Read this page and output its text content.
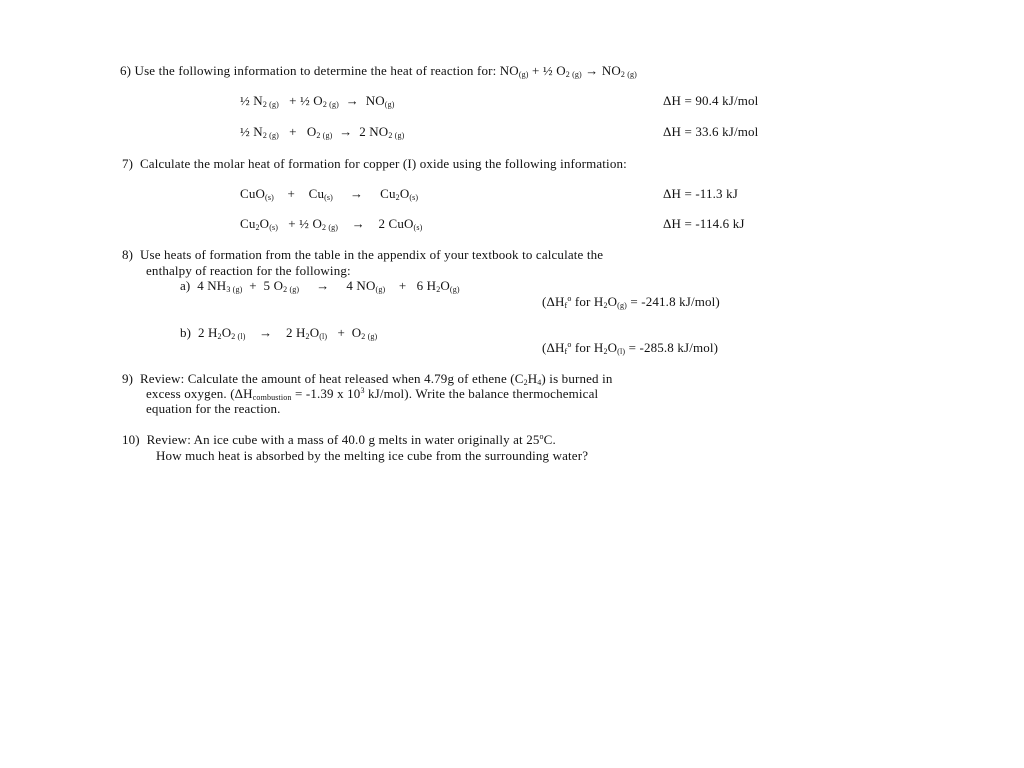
6) Use the following information to determine the heat of reaction for: $NO_{(g)}$ + ½ $O_{2 (g)} \to NO_{2 (g)}$
½ $N_{2 (g)}$ + ½ $O_{2 (g)} \to NO_{(g)}$	ΔH = 90.4 kJ/mol
½ $N_{2 (g)} + O_{2 (g)} \to 2$ $NO_{2 (g)}$	ΔH = 33.6 kJ/mol
7) Calculate the molar heat of formation for copper (I) oxide using the following information:
$CuO_{(s)} + Cu_{(s)} \to Cu_2O_{(s)}$	ΔH = -11.3 kJ
$Cu_2O_{(s)}$ + ½ $O_{2 (g)} \to 2$ CuO$_{(s)}$	ΔH = -114.6 kJ
8) Use heats of formation from the table in the appendix of your textbook to calculate the
enthalpy of reaction for the following:
a) 4 $NH_{3 (g)} + 5$ $O_{2 (g)} \to 4$ $NO_{(g)} + 6$ $H_2O_{(g)}$
($\Delta H_f^o$ for $H_2O_{(g)} = -241.8$ kJ/mol)
b) 2 $H_2O_{2 (l)} \to 2$ $H_2O_{(l)} + O_{2 (g)}$
($\Delta H_f^o$ for $H_2O_{(l)} = -285.8$ kJ/mol)
9) Review: Calculate the amount of heat released when 4.79g of ethene $(C_2H_4)$ is burned in
excess oxygen. ($\Delta H_{combustion} = -1.39$ x $10^3$ kJ/mol). Write the balance thermochemical
equation for the reaction.
10) Review: An ice cube with a mass of 40.0 g melts in water originally at 25$^o$C.
How much heat is absorbed by the melting ice cube from the surrounding water?
